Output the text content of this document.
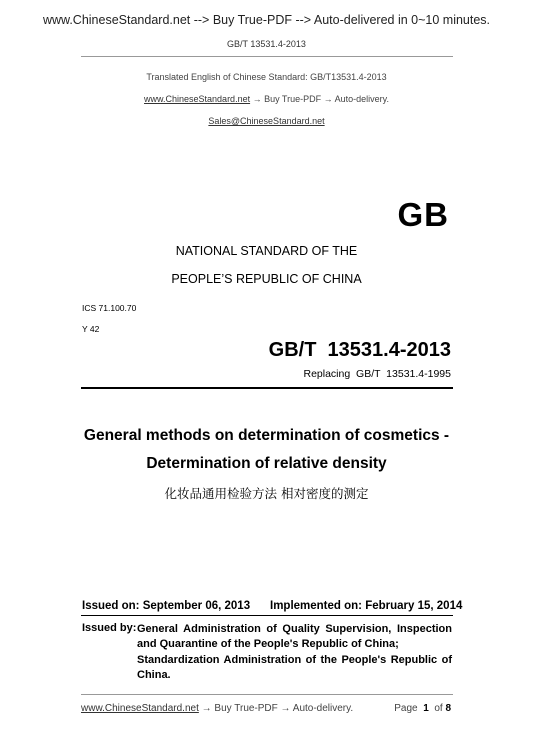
www.ChineseStandard.net --> Buy True-PDF --> Auto-delivered in 0~10 minutes.
GB/T 13531.4-2013
Translated English of Chinese Standard: GB/T13531.4-2013
www.ChineseStandard.net → Buy True-PDF → Auto-delivery.
Sales@ChineseStandard.net
GB
NATIONAL STANDARD OF THE
PEOPLE’S REPUBLIC OF CHINA
ICS 71.100.70
Y 42
GB/T  13531.4-2013
Replacing  GB/T  13531.4-1995
General methods on determination of cosmetics -
Determination of relative density
化妆品通用检验方法 相对密度的测定
Issued on: September 06, 2013 Implemented on: February 15, 2014
Issued by: General Administration of Quality Supervision, Inspection and Quarantine of the People's Republic of China;
Standardization Administration of the People's Republic of China.
www.ChineseStandard.net → Buy True-PDF → Auto-delivery.	Page 1 of 8
